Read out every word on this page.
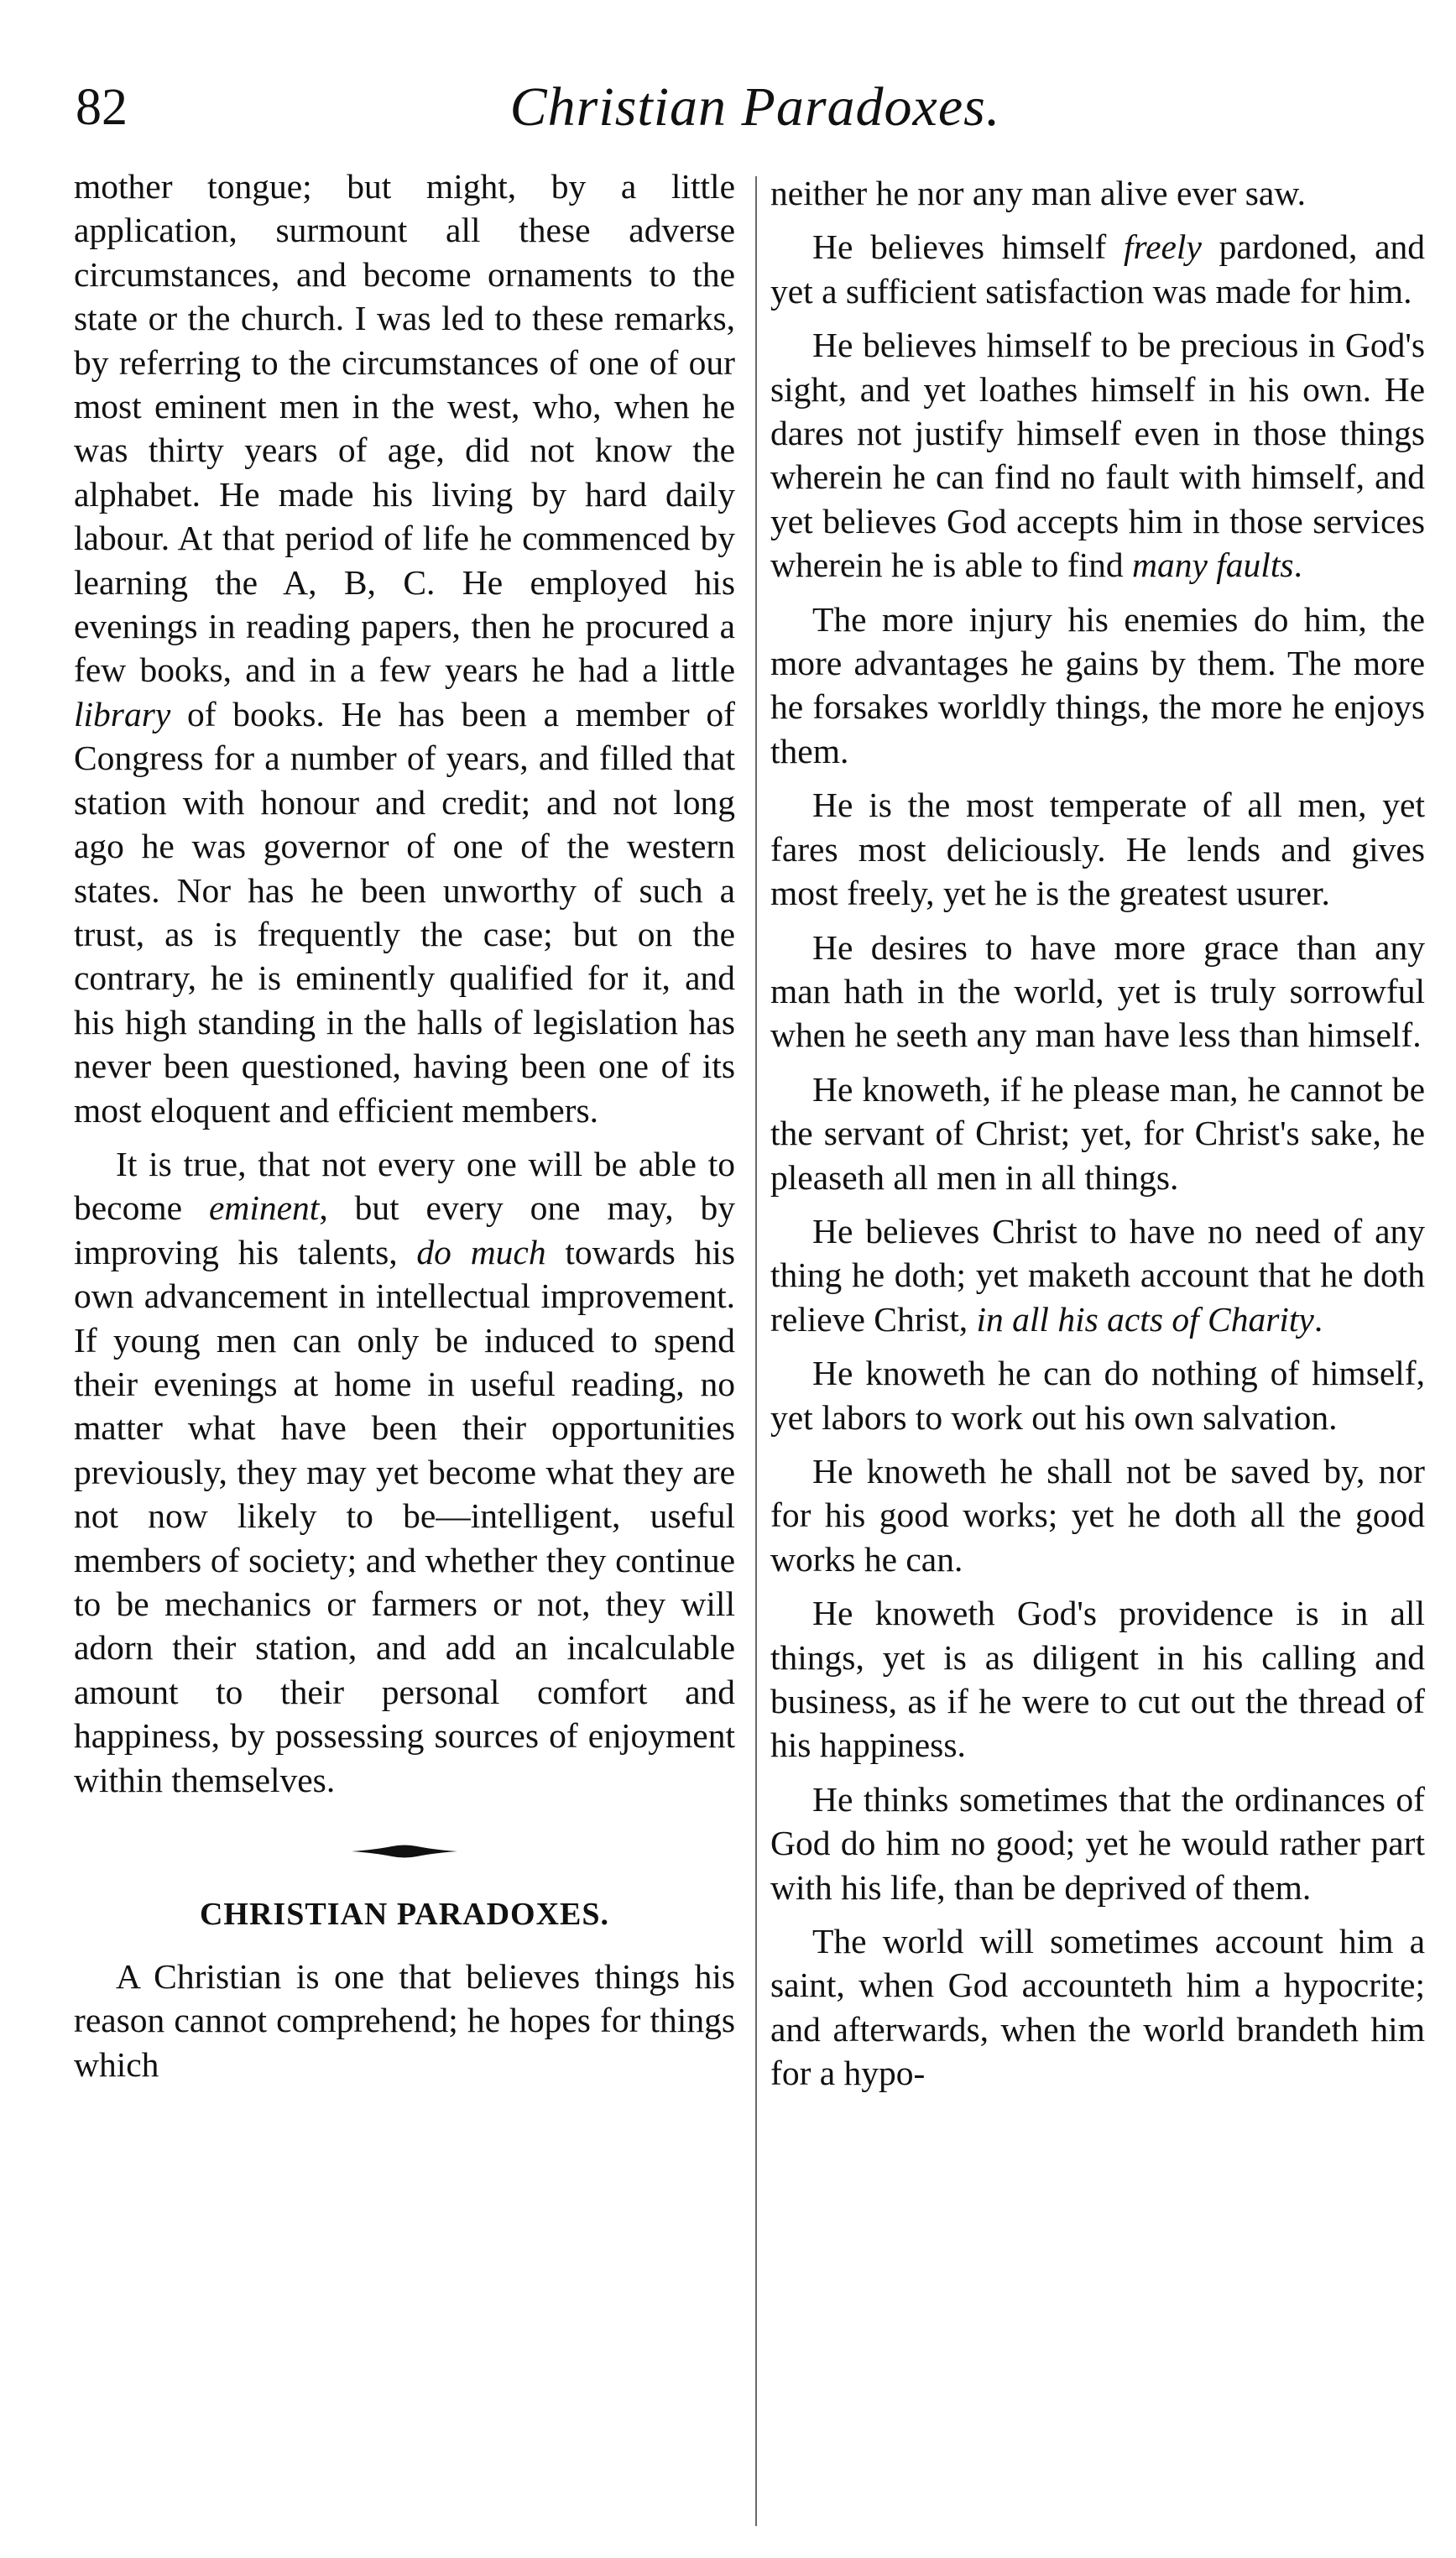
82	Christian Paradoxes.

mother tongue; but might, by a little application, surmount all these adverse circumstances, and become ornaments to the state or the church. I was led to these remarks, by referring to the circumstances of one of our most eminent men in the west, who, when he was thirty years of age, did not know the alphabet. He made his living by hard daily labour. At that period of life he commenced by learning the A, B, C. He employed his evenings in reading papers, then he procured a few books, and in a few years he had a little library of books. He has been a member of Congress for a number of years, and filled that station with honour and credit; and not long ago he was governor of one of the western states. Nor has he been unworthy of such a trust, as is frequently the case; but on the contrary, he is eminently qualified for it, and his high standing in the halls of legislation has never been questioned, having been one of its most eloquent and efficient members.

It is true, that not every one will be able to become eminent, but every one may, by improving his talents, do much towards his own advancement in intellectual improvement. If young men can only be induced to spend their evenings at home in useful reading, no matter what have been their opportunities previously, they may yet become what they are not now likely to be—intelligent, useful members of society; and whether they continue to be mechanics or farmers or not, they will adorn their station, and add an incalculable amount to their personal comfort and happiness, by possessing sources of enjoyment within themselves.

CHRISTIAN PARADOXES.

A Christian is one that believes things his reason cannot comprehend; he hopes for things which

neither he nor any man alive ever saw.

He believes himself freely pardoned, and yet a sufficient satisfaction was made for him.

He believes himself to be precious in God's sight, and yet loathes himself in his own. He dares not justify himself even in those things wherein he can find no fault with himself, and yet believes God accepts him in those services wherein he is able to find many faults.

The more injury his enemies do him, the more advantages he gains by them. The more he forsakes worldly things, the more he enjoys them.

He is the most temperate of all men, yet fares most deliciously. He lends and gives most freely, yet he is the greatest usurer.

He desires to have more grace than any man hath in the world, yet is truly sorrowful when he seeth any man have less than himself.

He knoweth, if he please man, he cannot be the servant of Christ; yet, for Christ's sake, he pleaseth all men in all things.

He believes Christ to have no need of any thing he doth; yet maketh account that he doth relieve Christ, in all his acts of Charity.

He knoweth he can do nothing of himself, yet labors to work out his own salvation.

He knoweth he shall not be saved by, nor for his good works; yet he doth all the good works he can.

He knoweth God's providence is in all things, yet is as diligent in his calling and business, as if he were to cut out the thread of his happiness.

He thinks sometimes that the ordinances of God do him no good; yet he would rather part with his life, than be deprived of them.

The world will sometimes account him a saint, when God accounteth him a hypocrite; and afterwards, when the world brandeth him for a hypo-
